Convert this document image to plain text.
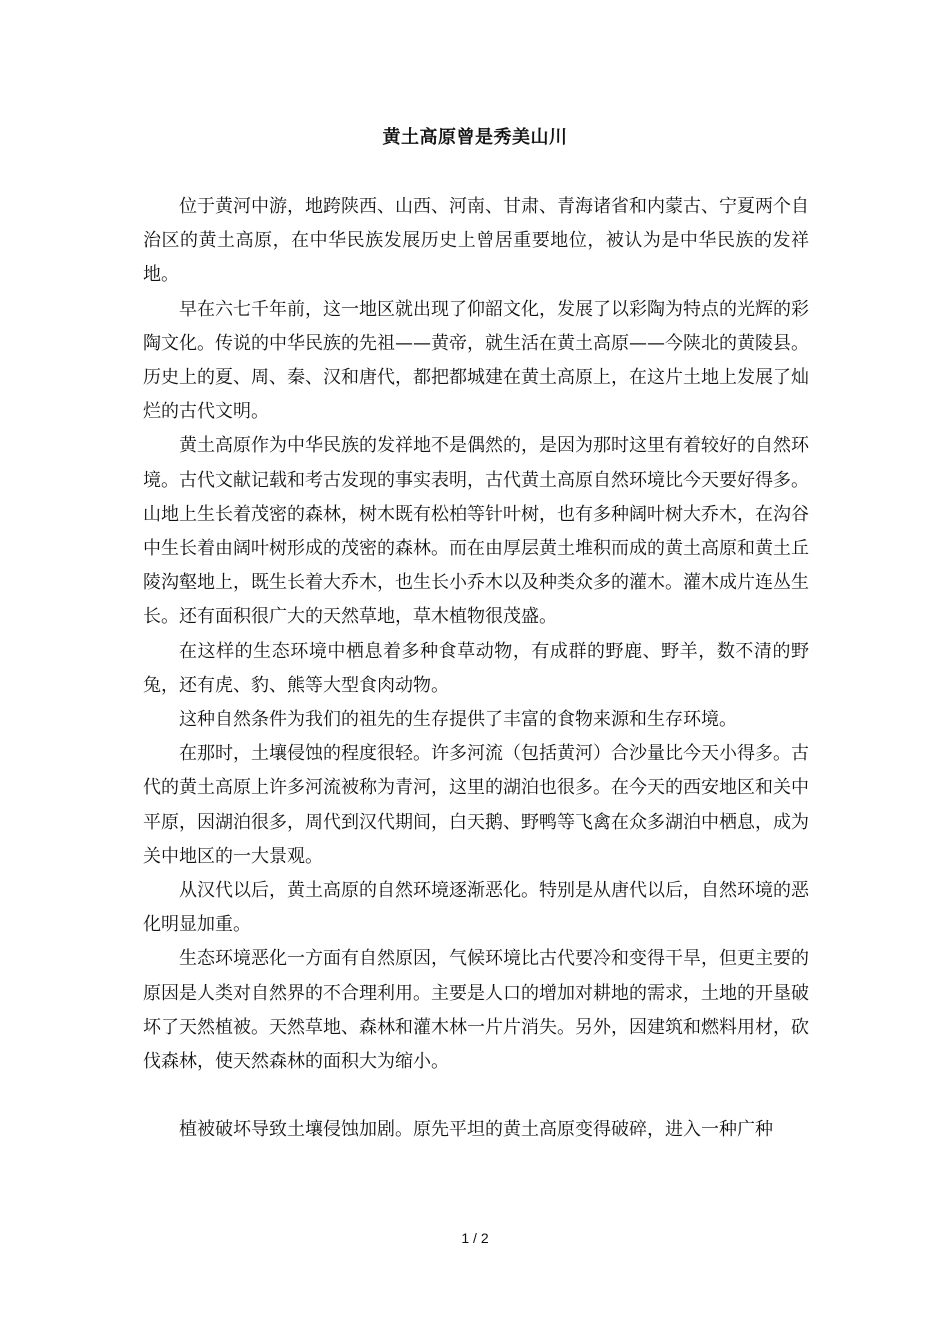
黄土高原曾是秀美山川

位于黄河中游，地跨陕西、山西、河南、甘肃、青海诸省和内蒙古、宁夏两个自治区的黄土高原，在中华民族发展历史上曾居重要地位，被认为是中华民族的发祥地。

早在六七千年前，这一地区就出现了仰韶文化，发展了以彩陶为特点的光辉的彩陶文化。传说的中华民族的先祖——黄帝，就生活在黄土高原——今陕北的黄陵县。历史上的夏、周、秦、汉和唐代，都把都城建在黄土高原上，在这片土地上发展了灿烂的古代文明。

黄土高原作为中华民族的发祥地不是偶然的，是因为那时这里有着较好的自然环境。古代文献记载和考古发现的事实表明，古代黄土高原自然环境比今天要好得多。山地上生长着茂密的森林，树木既有松柏等针叶树，也有多种阔叶树大乔木，在沟谷中生长着由阔叶树形成的茂密的森林。而在由厚层黄土堆积而成的黄土高原和黄土丘陵沟壑地上，既生长着大乔木，也生长小乔木以及种类众多的灌木。灌木成片连丛生长。还有面积很广大的天然草地，草木植物很茂盛。

在这样的生态环境中栖息着多种食草动物，有成群的野鹿、野羊，数不清的野兔，还有虎、豹、熊等大型食肉动物。

这种自然条件为我们的祖先的生存提供了丰富的食物来源和生存环境。

在那时，土壤侵蚀的程度很轻。许多河流（包括黄河）合沙量比今天小得多。古代的黄土高原上许多河流被称为青河，这里的湖泊也很多。在今天的西安地区和关中平原，因湖泊很多，周代到汉代期间，白天鹅、野鸭等飞禽在众多湖泊中栖息，成为关中地区的一大景观。

从汉代以后，黄土高原的自然环境逐渐恶化。特别是从唐代以后，自然环境的恶化明显加重。

生态环境恶化一方面有自然原因，气候环境比古代要冷和变得干旱，但更主要的原因是人类对自然界的不合理利用。主要是人口的增加对耕地的需求，土地的开垦破坏了天然植被。天然草地、森林和灌木林一片片消失。另外，因建筑和燃料用材，砍伐森林，使天然森林的面积大为缩小。

植被破坏导致土壤侵蚀加剧。原先平坦的黄土高原变得破碎，进入一种广种

1 / 2
